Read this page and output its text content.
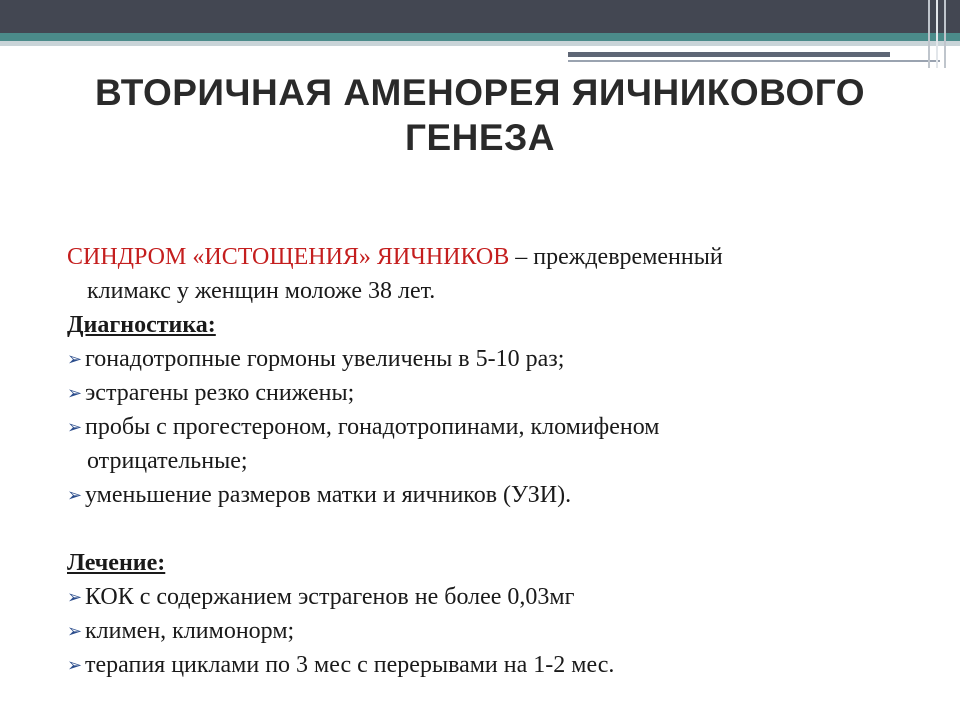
ВТОРИЧНАЯ АМЕНОРЕЯ ЯИЧНИКОВОГО
ГЕНЕЗА
СИНДРОМ «ИСТОЩЕНИЯ» ЯИЧНИКОВ – преждевременный
климакс у женщин моложе 38 лет.
Диагностика:
➢ гонадотропные гормоны увеличены в 5-10 раз;
➢ эстрагены резко снижены;
➢ пробы с прогестероном, гонадотропинами, кломифеном
отрицательные;
➢ уменьшение размеров матки и яичников (УЗИ).
Лечение:
➢ КОК с содержанием эстрагенов не более 0,03мг
➢ климен, климонорм;
➢ терапия циклами по 3 мес с перерывами на 1-2 мес.
